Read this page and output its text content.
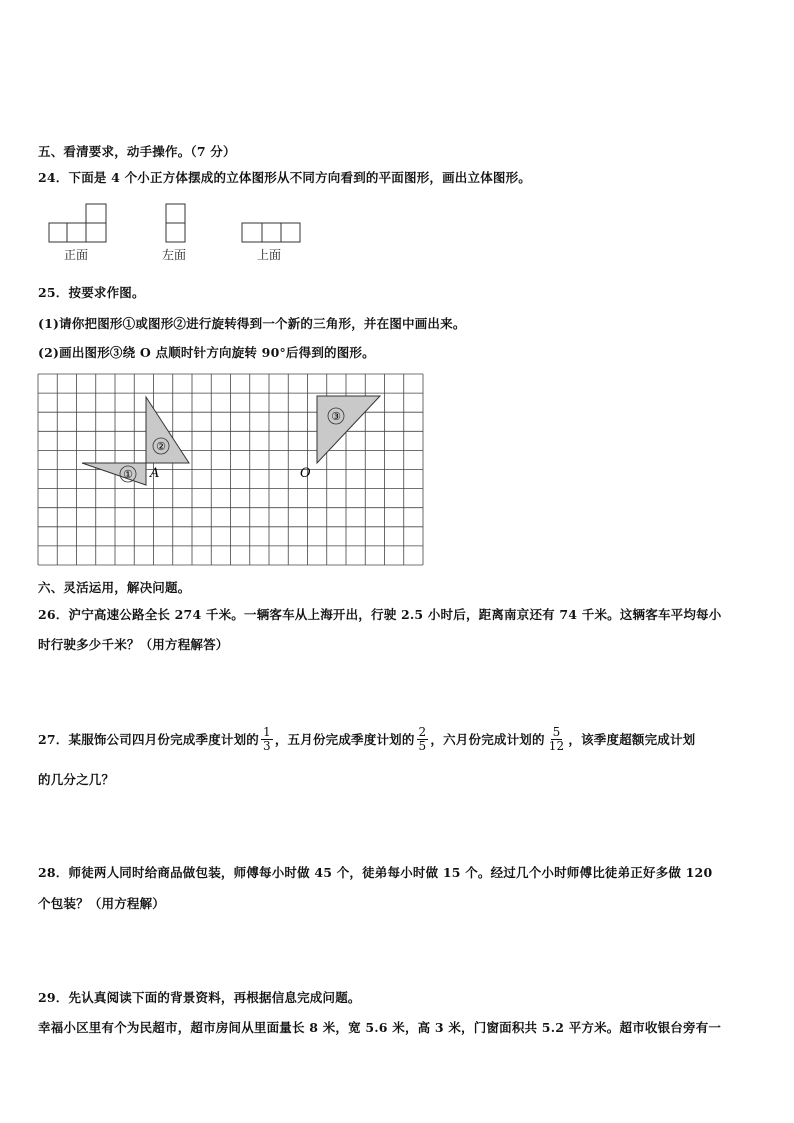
五、看清要求，动手操作。（7 分）
24．下面是 4 个小正方体摆成的立体图形从不同方向看到的平面图形，画出立体图形。
正面	左面	上面
25．按要求作图。
(1)请你把图形①或图形②进行旋转得到一个新的三角形，并在图中画出来。
(2)画出图形③绕 O 点顺时针方向旋转 90°后得到的图形。
①
②
③
A	O
六、灵活运用，解决问题。
26．沪宁高速公路全长 274 千米。一辆客车从上海开出，行驶 2.5 小时后，距离南京还有 74 千米。这辆客车平均每小
时行驶多少千米？（用方程解答）
27．某服饰公司四月份完成季度计划的 $\frac{1}{3}$ ，五月份完成季度计划的 $\frac{2}{5}$ ，六月份完成计划的 $\frac{5}{12}$ ，该季度超额完成计划
的几分之几？
28．师徒两人同时给商品做包装，师傅每小时做 45 个，徒弟每小时做 15 个。经过几个小时师傅比徒弟正好多做 120
个包装？（用方程解）
29．先认真阅读下面的背景资料，再根据信息完成问题。
幸福小区里有个为民超市，超市房间从里面量长 8 米，宽 5.6 米，高 3 米，门窗面积共 5.2 平方米。超市收银台旁有一
